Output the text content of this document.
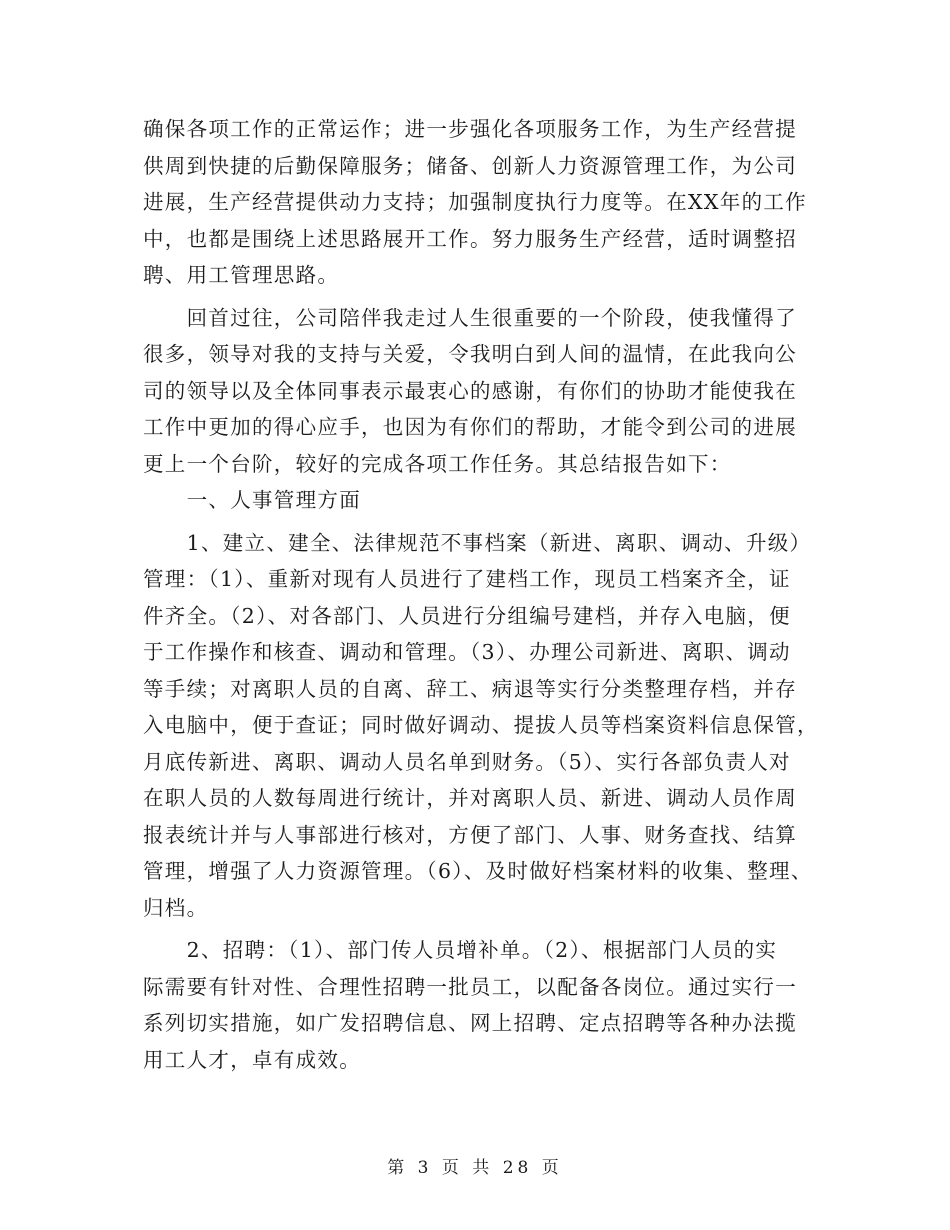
确保各项工作的正常运作；进一步强化各项服务工作，为生产经营提
供周到快捷的后勤保障服务；储备、创新人力资源管理工作，为公司
进展，生产经营提供动力支持；加强制度执行力度等。在XX年的工作
中，也都是围绕上述思路展开工作。努力服务生产经营，适时调整招
聘、用工管理思路。
　　回首过往，公司陪伴我走过人生很重要的一个阶段，使我懂得了
很多，领导对我的支持与关爱，令我明白到人间的温情，在此我向公
司的领导以及全体同事表示最衷心的感谢，有你们的协助才能使我在
工作中更加的得心应手，也因为有你们的帮助，才能令到公司的进展
更上一个台阶，较好的完成各项工作任务。其总结报告如下：
　　一、人事管理方面
　　1、建立、建全、法律规范不事档案（新进、离职、调动、升级）
管理：（1）、重新对现有人员进行了建档工作，现员工档案齐全，证
件齐全。（2）、对各部门、人员进行分组编号建档，并存入电脑，便
于工作操作和核查、调动和管理。（3）、办理公司新进、离职、调动
等手续；对离职人员的自离、辞工、病退等实行分类整理存档，并存
入电脑中，便于查证；同时做好调动、提拔人员等档案资料信息保管，
月底传新进、离职、调动人员名单到财务。（5）、实行各部负责人对
在职人员的人数每周进行统计，并对离职人员、新进、调动人员作周
报表统计并与人事部进行核对，方便了部门、人事、财务查找、结算
管理，增强了人力资源管理。（6）、及时做好档案材料的收集、整理、
归档。
　　2、招聘：（1）、部门传人员增补单。（2）、根据部门人员的实
际需要有针对性、合理性招聘一批员工，以配备各岗位。通过实行一
系列切实措施，如广发招聘信息、网上招聘、定点招聘等各种办法揽
用工人才，卓有成效。
第 3 页 共 28 页
